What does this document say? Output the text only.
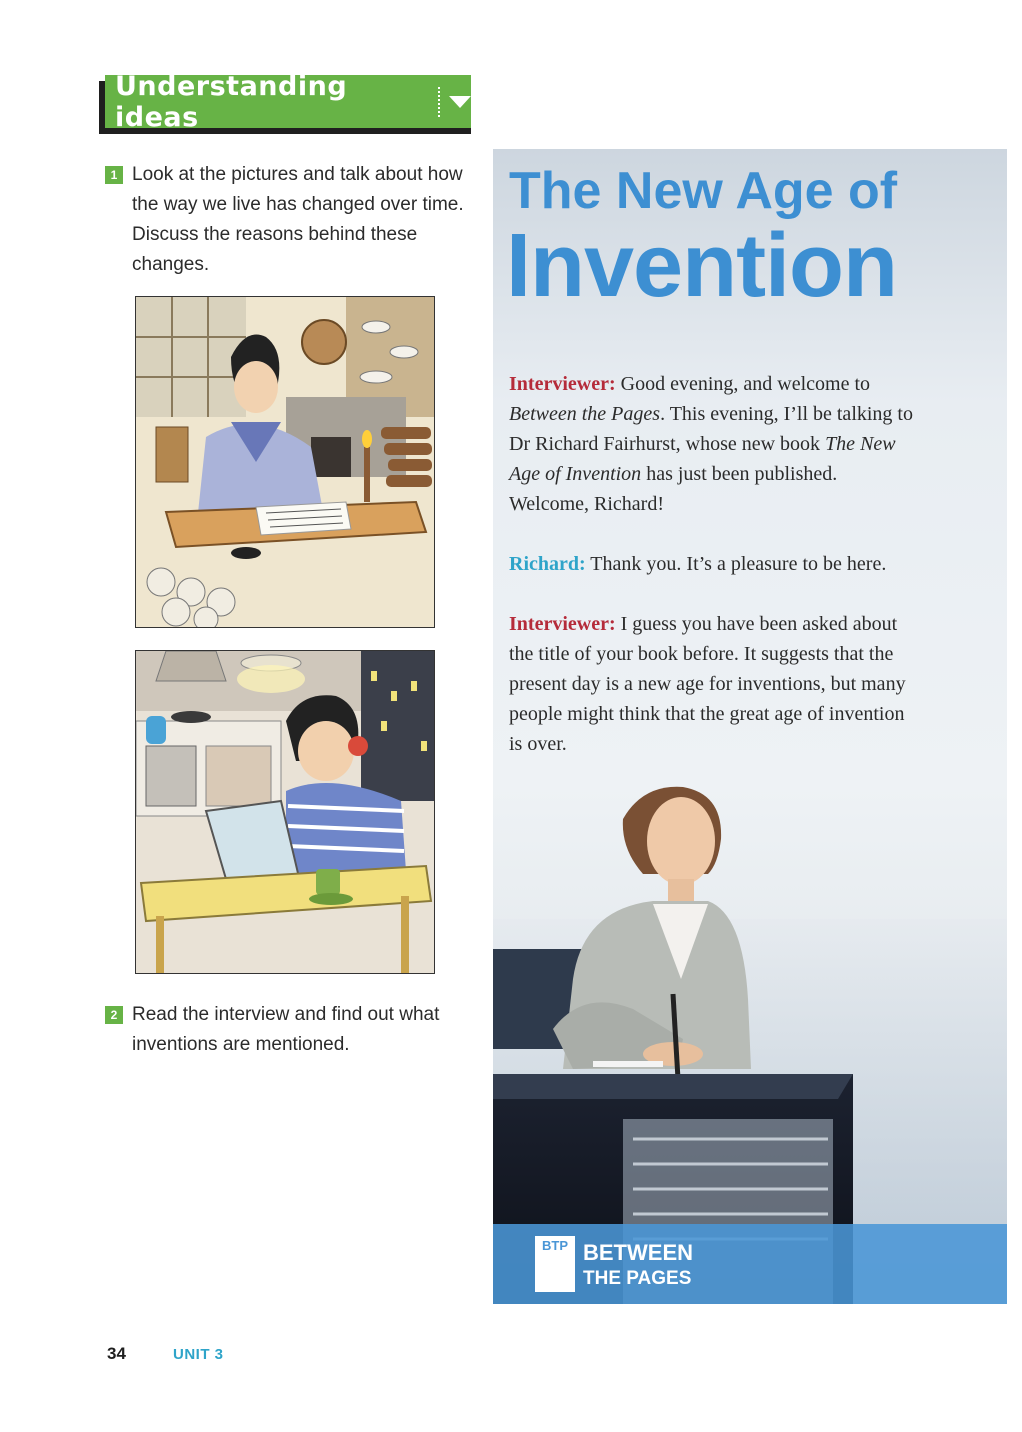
Understanding ideas
1 Look at the pictures and talk about how the way we live has changed over time. Discuss the reasons behind these changes.
2 Read the interview and find out what inventions are mentioned.
The New Age of
Invention

Interviewer: Good evening, and welcome to Between the Pages. This evening, I’ll be talking to Dr Richard Fairhurst, whose new book The New Age of Invention has just been published. Welcome, Richard!

Richard: Thank you. It’s a pleasure to be here.

Interviewer: I guess you have been asked about the title of your book before. It suggests that the present day is a new age for inventions, but many people might think that the great age of invention is over.

BTP BETWEEN
THE PAGES
34	UNIT 3
